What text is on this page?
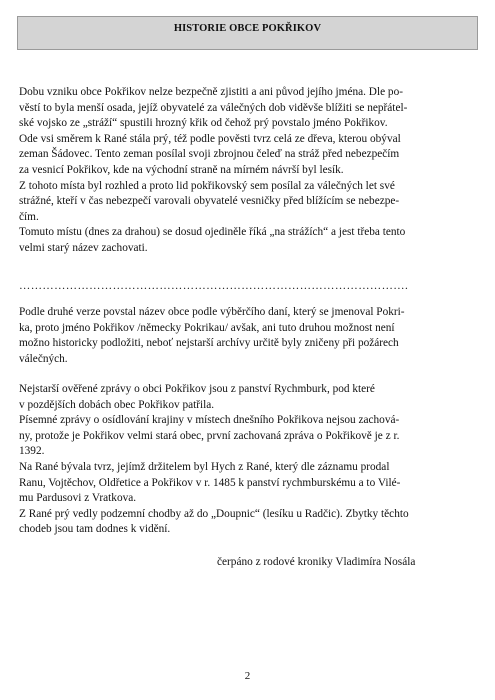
HISTORIE OBCE POKŘIKOV

Dobu vzniku obce Pokřikov nelze bezpečně zjistiti a ani původ jejího jména. Dle po-

věstí to byla menší osada, jejíž obyvatelé za válečných dob viděvše blížiti se nepřátel-

ské vojsko ze „stráží“ spustili hrozný křik od čehož prý povstalo jméno Pokřikov.

Ode vsi směrem k Rané stála prý, též podle pověsti tvrz celá ze dřeva, kterou obýval

zeman Šádovec. Tento zeman posílal svoji zbrojnou čeleď na stráž před nebezpečím

za vesnicí Pokřikov, kde na východní straně na mírném návrší byl lesík.

Z tohoto místa byl rozhled a proto lid pokřikovský sem posílal za válečných let své

strážné, kteří v čas nebezpečí varovali obyvatelé vesničky před blížícím se nebezpe-

čím.

Tomuto místu (dnes za drahou) se dosud ojediněle říká „na strážích“ a jest třeba tento

velmi starý název zachovati.

……………………………………………………………………………………….

Podle druhé verze povstal název obce podle výběrčího daní, který se jmenoval Pokri-

ka, proto jméno Pokřikov /německy Pokrikau/ avšak, ani tuto druhou možnost není

možno historicky podložiti, neboť nejstarší archívy určitě byly zničeny při požárech

válečných.

Nejstarší ověřené zprávy o obci Pokřikov jsou z panství Rychmburk, pod které

v pozdějších dobách obec Pokřikov patřila.

Písemné zprávy o osídlování krajiny v místech dnešního Pokřikova nejsou zachová-

ny, protože je Pokřikov velmi stará obec, první zachovaná zpráva o Pokřikově je z r.

1392.

Na Rané bývala tvrz, jejímž držitelem byl Hych z Rané, který dle záznamu prodal

Ranu, Vojtěchov, Oldřetice a Pokřikov v r. 1485 k panství rychmburskému a to Vilé-

mu Pardusovi z Vratkova.

Z Rané prý vedly podzemní chodby až do „Doupnic“ (lesíku u Radčic). Zbytky těchto

chodeb jsou tam dodnes k vidění.

čerpáno z rodové kroniky Vladimíra Nosála
2
